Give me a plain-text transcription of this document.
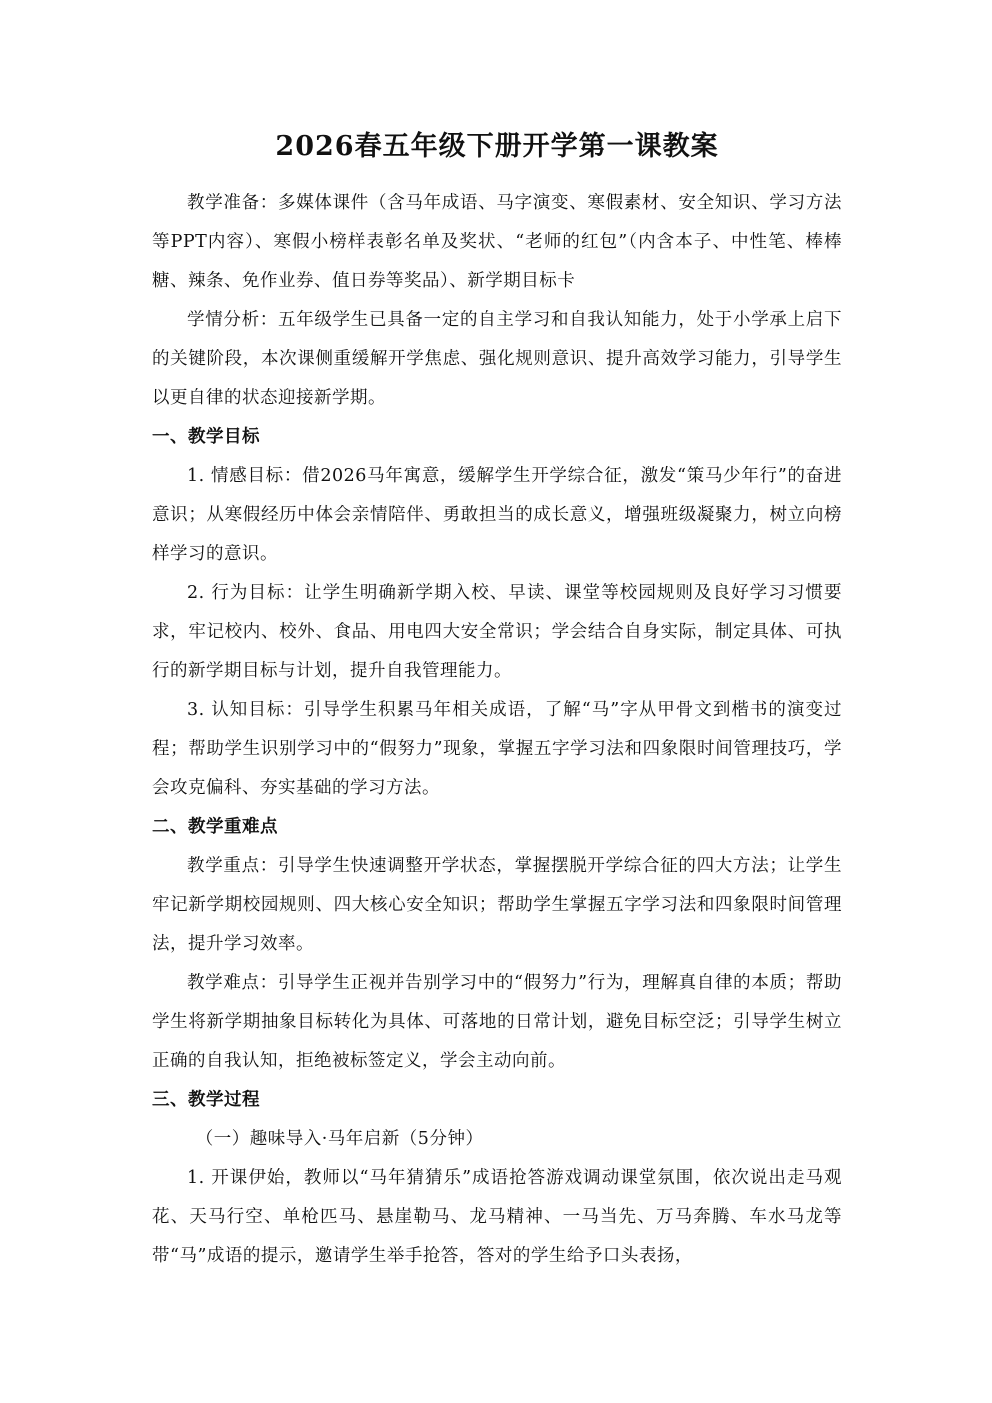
2026春五年级下册开学第一课教案

教学准备：多媒体课件（含马年成语、马字演变、寒假素材、安全知识、学习方法等PPT内容）、寒假小榜样表彰名单及奖状、“老师的红包”（内含本子、中性笔、棒棒糖、辣条、免作业券、值日券等奖品）、新学期目标卡

学情分析：五年级学生已具备一定的自主学习和自我认知能力，处于小学承上启下的关键阶段，本次课侧重缓解开学焦虑、强化规则意识、提升高效学习能力，引导学生以更自律的状态迎接新学期。

一、教学目标

1. 情感目标：借2026马年寓意，缓解学生开学综合征，激发“策马少年行”的奋进意识；从寒假经历中体会亲情陪伴、勇敢担当的成长意义，增强班级凝聚力，树立向榜样学习的意识。

2. 行为目标：让学生明确新学期入校、早读、课堂等校园规则及良好学习习惯要求，牢记校内、校外、食品、用电四大安全常识；学会结合自身实际，制定具体、可执行的新学期目标与计划，提升自我管理能力。

3. 认知目标：引导学生积累马年相关成语，了解“马”字从甲骨文到楷书的演变过程；帮助学生识别学习中的“假努力”现象，掌握五字学习法和四象限时间管理技巧，学会攻克偏科、夯实基础的学习方法。

二、教学重难点

教学重点：引导学生快速调整开学状态，掌握摆脱开学综合征的四大方法；让学生牢记新学期校园规则、四大核心安全知识；帮助学生掌握五字学习法和四象限时间管理法，提升学习效率。

教学难点：引导学生正视并告别学习中的“假努力”行为，理解真自律的本质；帮助学生将新学期抽象目标转化为具体、可落地的日常计划，避免目标空泛；引导学生树立正确的自我认知，拒绝被标签定义，学会主动向前。

三、教学过程

（一）趣味导入·马年启新（5分钟）

1. 开课伊始，教师以“马年猜猜乐”成语抢答游戏调动课堂氛围，依次说出走马观花、天马行空、单枪匹马、悬崖勒马、龙马精神、一马当先、万马奔腾、车水马龙等带“马”成语的提示，邀请学生举手抢答，答对的学生给予口头表扬，
